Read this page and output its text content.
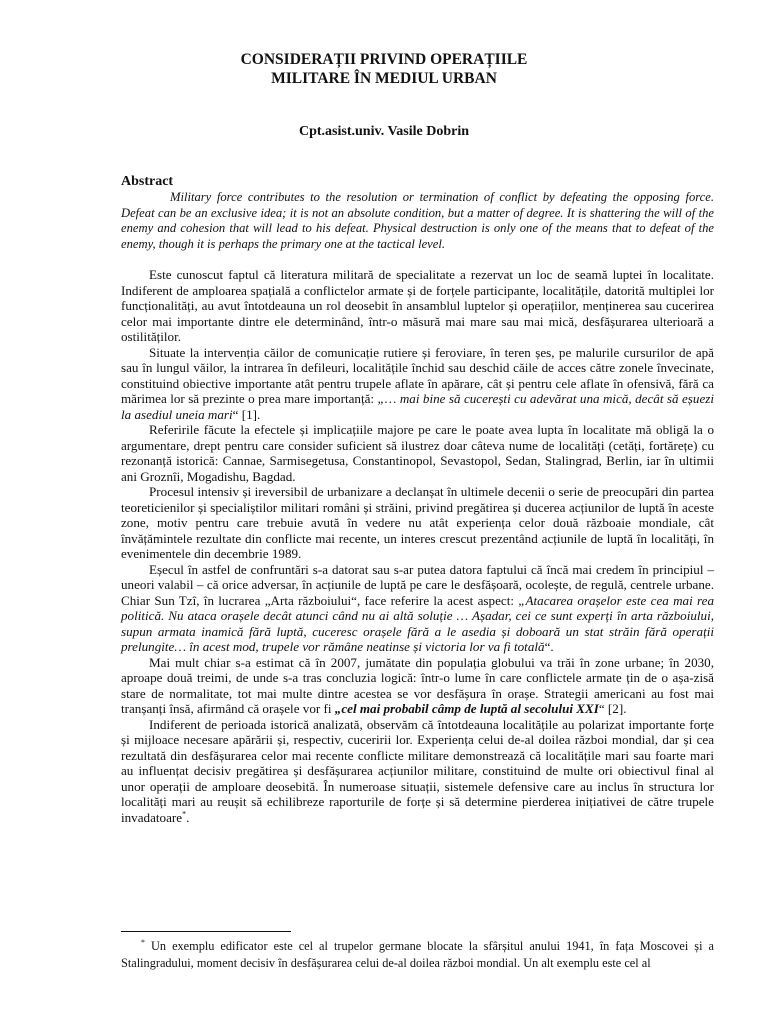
CONSIDERAȚII PRIVIND OPERAȚIILE
MILITARE ÎN MEDIUL URBAN
Cpt.asist.univ. Vasile Dobrin
Abstract
Military force contributes to the resolution or termination of conflict by defeating the opposing force. Defeat can be an exclusive idea; it is not an absolute condition, but a matter of degree. It is shattering the will of the enemy and cohesion that will lead to his defeat. Physical destruction is only one of the means that to defeat of the enemy, though it is perhaps the primary one at the tactical level.

Este cunoscut faptul că literatura militară de specialitate a rezervat un loc de seamă luptei în localitate. Indiferent de amploarea spațială a conflictelor armate și de forțele participante, localitățile, datorită multiplei lor funcționalități, au avut întotdeauna un rol deosebit în ansamblul luptelor și operațiilor, menținerea sau cucerirea celor mai importante dintre ele determinând, într-o măsură mai mare sau mai mică, desfășurarea ulterioară a ostilităților.

Situate la intervenția căilor de comunicație rutiere și feroviare, în teren șes, pe malurile cursurilor de apă sau în lungul văilor, la intrarea în defileuri, localitățile închid sau deschid căile de acces către zonele învecinate, constituind obiective importante atât pentru trupele aflate în apărare, cât și pentru cele aflate în ofensivă, fără ca mărimea lor să prezinte o prea mare importanță: „… mai bine să cucerești cu adevărat una mică, decât să eșuezi la asediul uneia mari“ [1].

Referirile făcute la efectele și implicațiile majore pe care le poate avea lupta în localitate mă obligă la o argumentare, drept pentru care consider suficient să ilustrez doar câteva nume de localități (cetăți, fortărețe) cu rezonanță istorică: Cannae, Sarmisegetusa, Constantinopol, Sevastopol, Sedan, Stalingrad, Berlin, iar în ultimii ani Groznîi, Mogadishu, Bagdad.

Procesul intensiv și ireversibil de urbanizare a declanșat în ultimele decenii o serie de preocupări din partea teoreticienilor și specialiștilor militari români și străini, privind pregătirea și ducerea acțiunilor de luptă în aceste zone, motiv pentru care trebuie avută în vedere nu atât experiența celor două războaie mondiale, cât învățămintele rezultate din conflicte mai recente, un interes crescut prezentând acțiunile de luptă în localități, în evenimentele din decembrie 1989.

Eșecul în astfel de confruntări s-a datorat sau s-ar putea datora faptului că încă mai credem în principiul – uneori valabil – că orice adversar, în acțiunile de luptă pe care le desfășoară, ocolește, de regulă, centrele urbane. Chiar Sun Tzî, în lucrarea „Arta războiului“, face referire la acest aspect: „Atacarea orașelor este cea mai rea politică. Nu ataca orașele decât atunci când nu ai altă soluție … Așadar, cei ce sunt experți în arta războiului, supun armata inamică fără luptă, cuceresc orașele fără a le asedia și doboară un stat străin fără operații prelungite… în acest mod, trupele vor rămâne neatinse și victoria lor va fi totală“.

Mai mult chiar s-a estimat că în 2007, jumătate din populația globului va trăi în zone urbane; în 2030, aproape două treimi, de unde s-a tras concluzia logică: într-o lume în care conflictele armate țin de o așa-zisă stare de normalitate, tot mai multe dintre acestea se vor desfășura în orașe. Strategii americani au fost mai tranșanți însă, afirmând că orașele vor fi „cel mai probabil câmp de luptă al secolului XXI“ [2].

Indiferent de perioada istorică analizată, observăm că întotdeauna localitățile au polarizat importante forțe și mijloace necesare apărării și, respectiv, cuceririi lor. Experiența celui de-al doilea război mondial, dar și cea rezultată din desfășurarea celor mai recente conflicte militare demonstrează că localitățile mari sau foarte mari au influențat decisiv pregătirea și desfășurarea acțiunilor militare, constituind de multe ori obiectivul final al unor operații de amploare deosebită. În numeroase situații, sistemele defensive care au inclus în structura lor localități mari au reușit să echilibreze raporturile de forțe și să determine pierderea inițiativei de către trupele invadatoare*.

* Un exemplu edificator este cel al trupelor germane blocate la sfârșitul anului 1941, în fața Moscovei și a Stalingradului, moment decisiv în desfășurarea celui de-al doilea război mondial. Un alt exemplu este cel al
